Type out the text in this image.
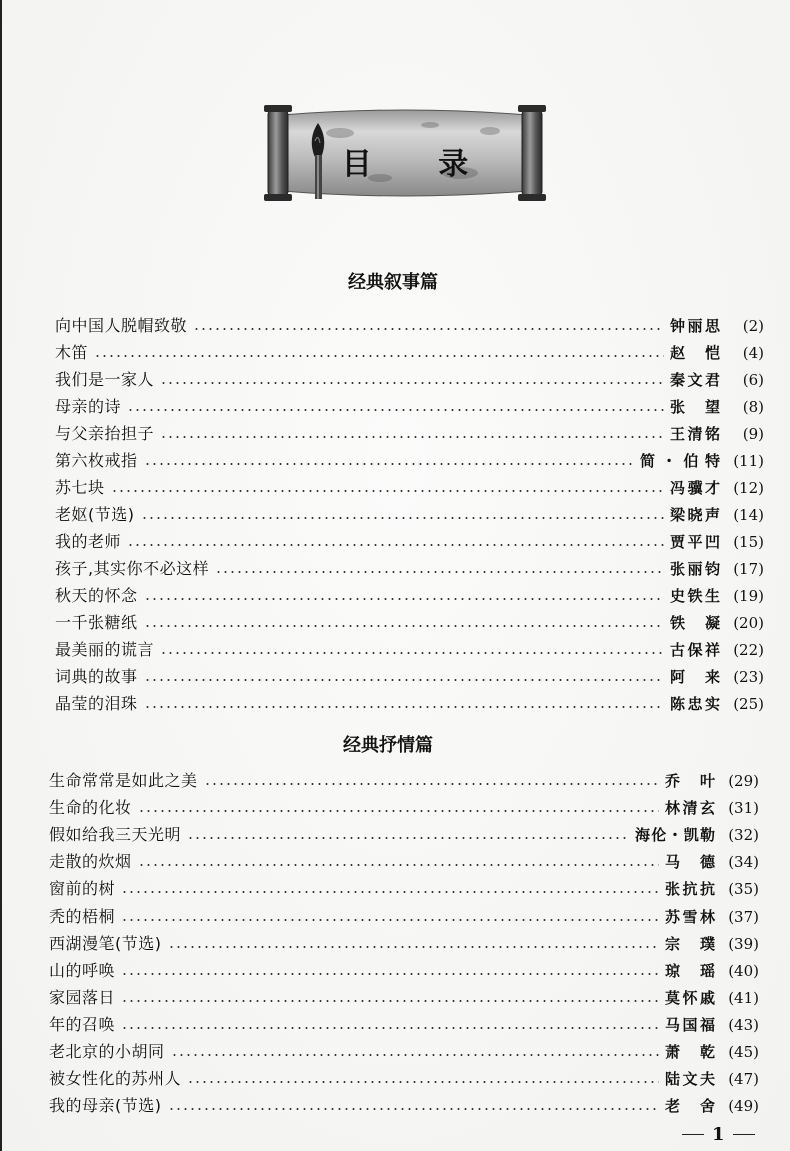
目 录
经典叙事篇
向中国人脱帽致敬	钟丽思	(2)
木笛	赵 恺	(4)
我们是一家人	秦文君	(6)
母亲的诗	张 望	(8)
与父亲抬担子	王清铭	(9)
第六枚戒指	简・伯特 (11)
苏七块	冯骥才 (12)
老妪(节选)	梁晓声 (14)
我的老师	贾平凹 (15)
孩子,其实你不必这样	张丽钧 (17)
秋天的怀念	史铁生 (19)
一千张糖纸	铁 凝 (20)
最美丽的谎言	古保祥 (22)
词典的故事	阿 来 (23)
晶莹的泪珠	陈忠实 (25)
经典抒情篇
生命常常是如此之美	乔 叶 (29)
生命的化妆	林清玄 (31)
假如给我三天光明	海伦・凯勒 (32)
走散的炊烟	马 德 (34)
窗前的树	张抗抗 (35)
秃的梧桐	苏雪林 (37)
西湖漫笔(节选)	宗 璞 (39)
山的呼唤	琼 瑶 (40)
家园落日	莫怀戚 (41)
年的召唤	马国福 (43)
老北京的小胡同	萧 乾 (45)
被女性化的苏州人	陆文夫 (47)
我的母亲(节选)	老 舍 (49)
1
